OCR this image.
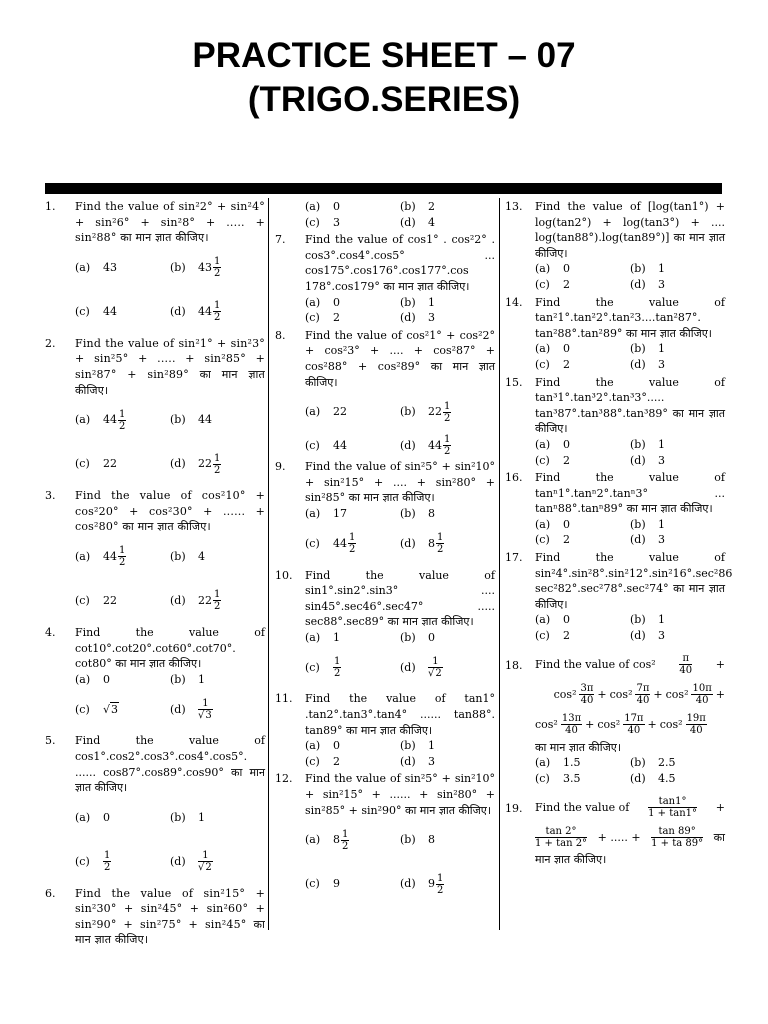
PRACTICE SHEET – 07
(TRIGO.SERIES)
1. Find the value of sin²2° + sin²4° + sin²6° + sin²8° + ..... + sin²88° का मान ज्ञात कीजिए।
(a)	43	(b)	$43 \frac{1}{2}$
(c)	44	(d)	$44 \frac{1}{2}$
2. Find the value of sin²1° + sin²3° + sin²5° + ..... + sin²85° + sin²87° + sin²89° का मान ज्ञात कीजिए।
(a)	$44 \frac{1}{2}$	(b)	44
(c)	22	(d)	$22 \frac{1}{2}$
3. Find the value of cos²10° + cos²20° + cos²30° + ...... + cos²80° का मान ज्ञात कीजिए।
(a)	$44 \frac{1}{2}$	(b)	4
(c)	22	(d)	$22 \frac{1}{2}$
4. Find the value of cot10°.cot20°.cot60°.cot70°. cot80° का मान ज्ञात कीजिए।
(a)	0	(b)	1
(c)	√3	(d)	$\frac{1}{√3}$
5. Find the value of cos1°.cos2°.cos3°.cos4°.cos5°. ...... cos87°.cos89°.cos90° का मान ज्ञात कीजिए।
(a)	0	(b)	1
(c)	$\frac{1}{2}$	(d)	$\frac{1}{√2}$
6. Find the value of sin²15° + sin²30° + sin²45° + sin²60° + sin²90° + sin²75° + sin²45° का मान ज्ञात कीजिए।
(a)	0	(b)	2
(c)	3	(d)	4
7. Find the value of cos1° . cos²2° . cos3°.cos4°.cos5° ... cos175°.cos176°.cos177°.cos 178°.cos179° का मान ज्ञात कीजिए।
(a)	0	(b)	1
(c)	2	(d)	3
8. Find the value of cos²1° + cos²2° + cos²3° + .... + cos²87° + cos²88° + cos²89° का मान ज्ञात कीजिए।
(a)	22	(b)	$22 \frac{1}{2}$
(c)	44	(d)	$44 \frac{1}{2}$
9. Find the value of sin²5° + sin²10° + sin²15° + .... + sin²80° + sin²85° का मान ज्ञात कीजिए।
(a)	17	(b)	8
(c)	$44 \frac{1}{2}$	(d)	$8 \frac{1}{2}$
10. Find the value of sin1°.sin2°.sin3° .... sin45°.sec46°.sec47° ..... sec88°.sec89° का मान ज्ञात कीजिए।
(a)	1	(b)	0
(c)	$\frac{1}{2}$	(d)	$\frac{1}{√2}$
11. Find the value of tan1° .tan2°.tan3°.tan4° ...... tan88°. tan89° का मान ज्ञात कीजिए।
(a)	0	(b)	1
(c)	2	(d)	3
12. Find the value of sin²5° + sin²10° + sin²15° + ...... + sin²80° + sin²85° + sin²90° का मान ज्ञात कीजिए।
(a)	$8 \frac{1}{2}$	(b)	8
(c)	9	(d)	$9 \frac{1}{2}$
13. Find the value of [log(tan1°) + log(tan2°) + log(tan3°) + .... log(tan88°).log(tan89°)] का मान ज्ञात कीजिए।
(a)	0	(b)	1
(c)	2	(d)	3
14. Find the value of tan²1°.tan²2°.tan²3....tan²87°. tan²88°.tan²89° का मान ज्ञात कीजिए।
(a)	0	(b)	1
(c)	2	(d)	3
15. Find the value of tan³1°.tan³2°.tan³3°..... tan³87°.tan³88°.tan³89° का मान ज्ञात कीजिए।
(a)	0	(b)	1
(c)	2	(d)	3
16. Find the value of tanⁿ1°.tanⁿ2°.tanⁿ3° ... tanⁿ88°.tanⁿ89° का मान ज्ञात कीजिए।
(a)	0	(b)	1
(c)	2	(d)	3
17. Find the value of sin²4°.sin²8°.sin²12°.sin²16°.sec²86 sec²82°.sec²78°.sec²74° का मान ज्ञात कीजिए।
(a)	0	(b)	1
(c)	2	(d)	3
18. Find the value of $\cos^2 \frac{\pi}{40}$ +
$\cos^2 \frac{3\pi}{40} + \cos^2 \frac{7\pi}{40} + \cos^2 \frac{10\pi}{40}$ +
$\cos^2 \frac{13\pi}{40} + \cos^2 \frac{17\pi}{40} + \cos^2 \frac{19\pi}{40}$
का मान ज्ञात कीजिए।
(a)	1.5	(b)	2.5
(c)	3.5	(d)	4.5
19. Find the value of $\frac{\tan 1^\circ}{1 + \tan 1^\circ}$ +
$\frac{\tan 2^\circ}{1 + \tan 2^\circ}$ + ..... + $\frac{\tan 89^\circ}{1 + ta 89^\circ}$ का
मान ज्ञात कीजिए।
